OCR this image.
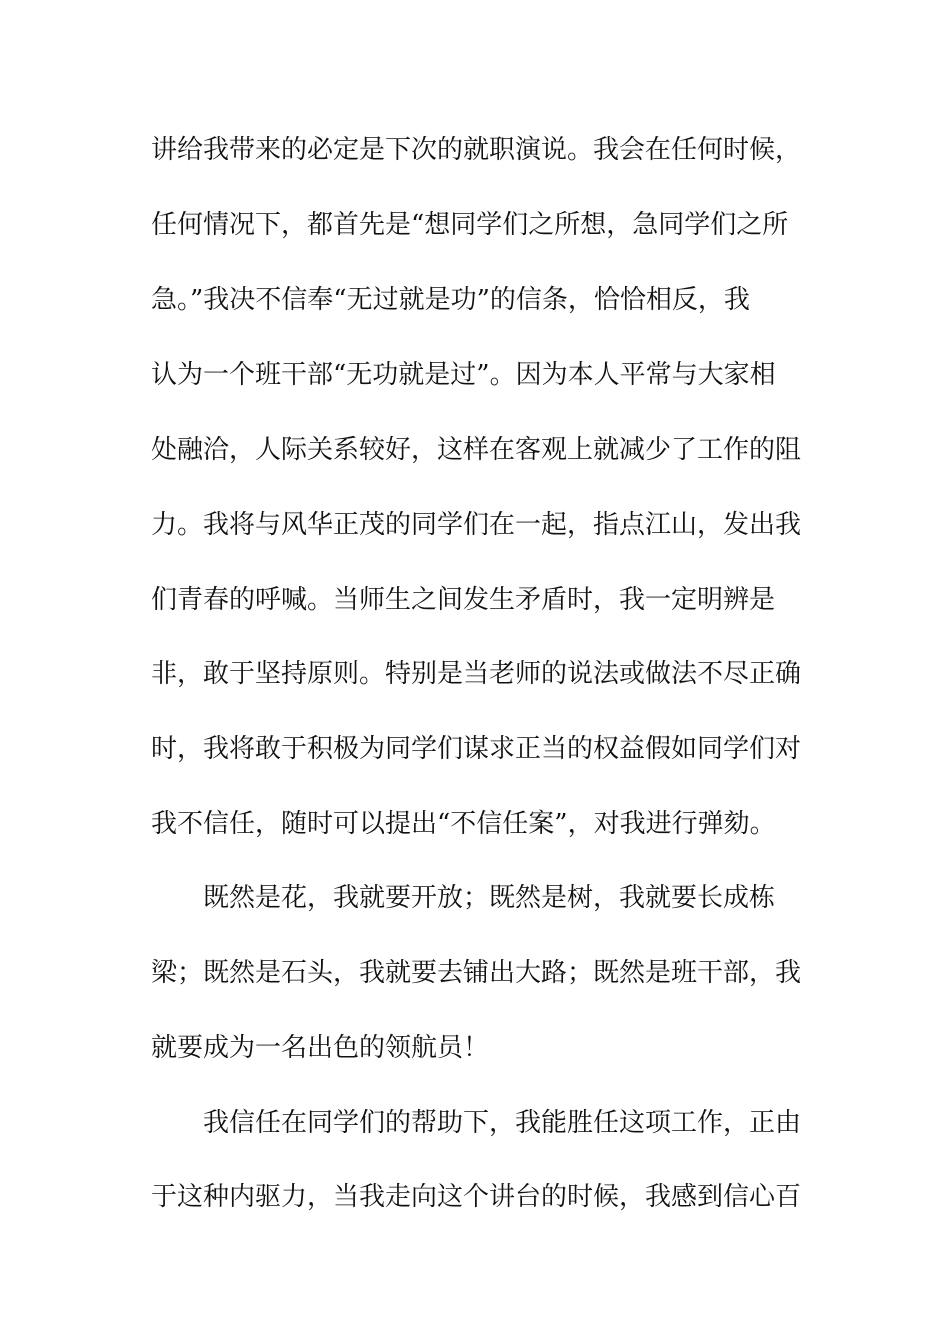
讲给我带来的必定是下次的就职演说。我会在任何时候，
任何情况下，都首先是“想同学们之所想，急同学们之所
急。”我决不信奉“无过就是功”的信条，恰恰相反，我
认为一个班干部“无功就是过”。因为本人平常与大家相
处融洽，人际关系较好，这样在客观上就减少了工作的阻
力。我将与风华正茂的同学们在一起，指点江山，发出我
们青春的呼喊。当师生之间发生矛盾时，我一定明辨是
非，敢于坚持原则。特别是当老师的说法或做法不尽正确
时，我将敢于积极为同学们谋求正当的权益假如同学们对
我不信任，随时可以提出“不信任案”，对我进行弹劾。
既然是花，我就要开放；既然是树，我就要长成栋
梁；既然是石头，我就要去铺出大路；既然是班干部，我
就要成为一名出色的领航员！
我信任在同学们的帮助下，我能胜任这项工作，正由
于这种内驱力，当我走向这个讲台的时候，我感到信心百
